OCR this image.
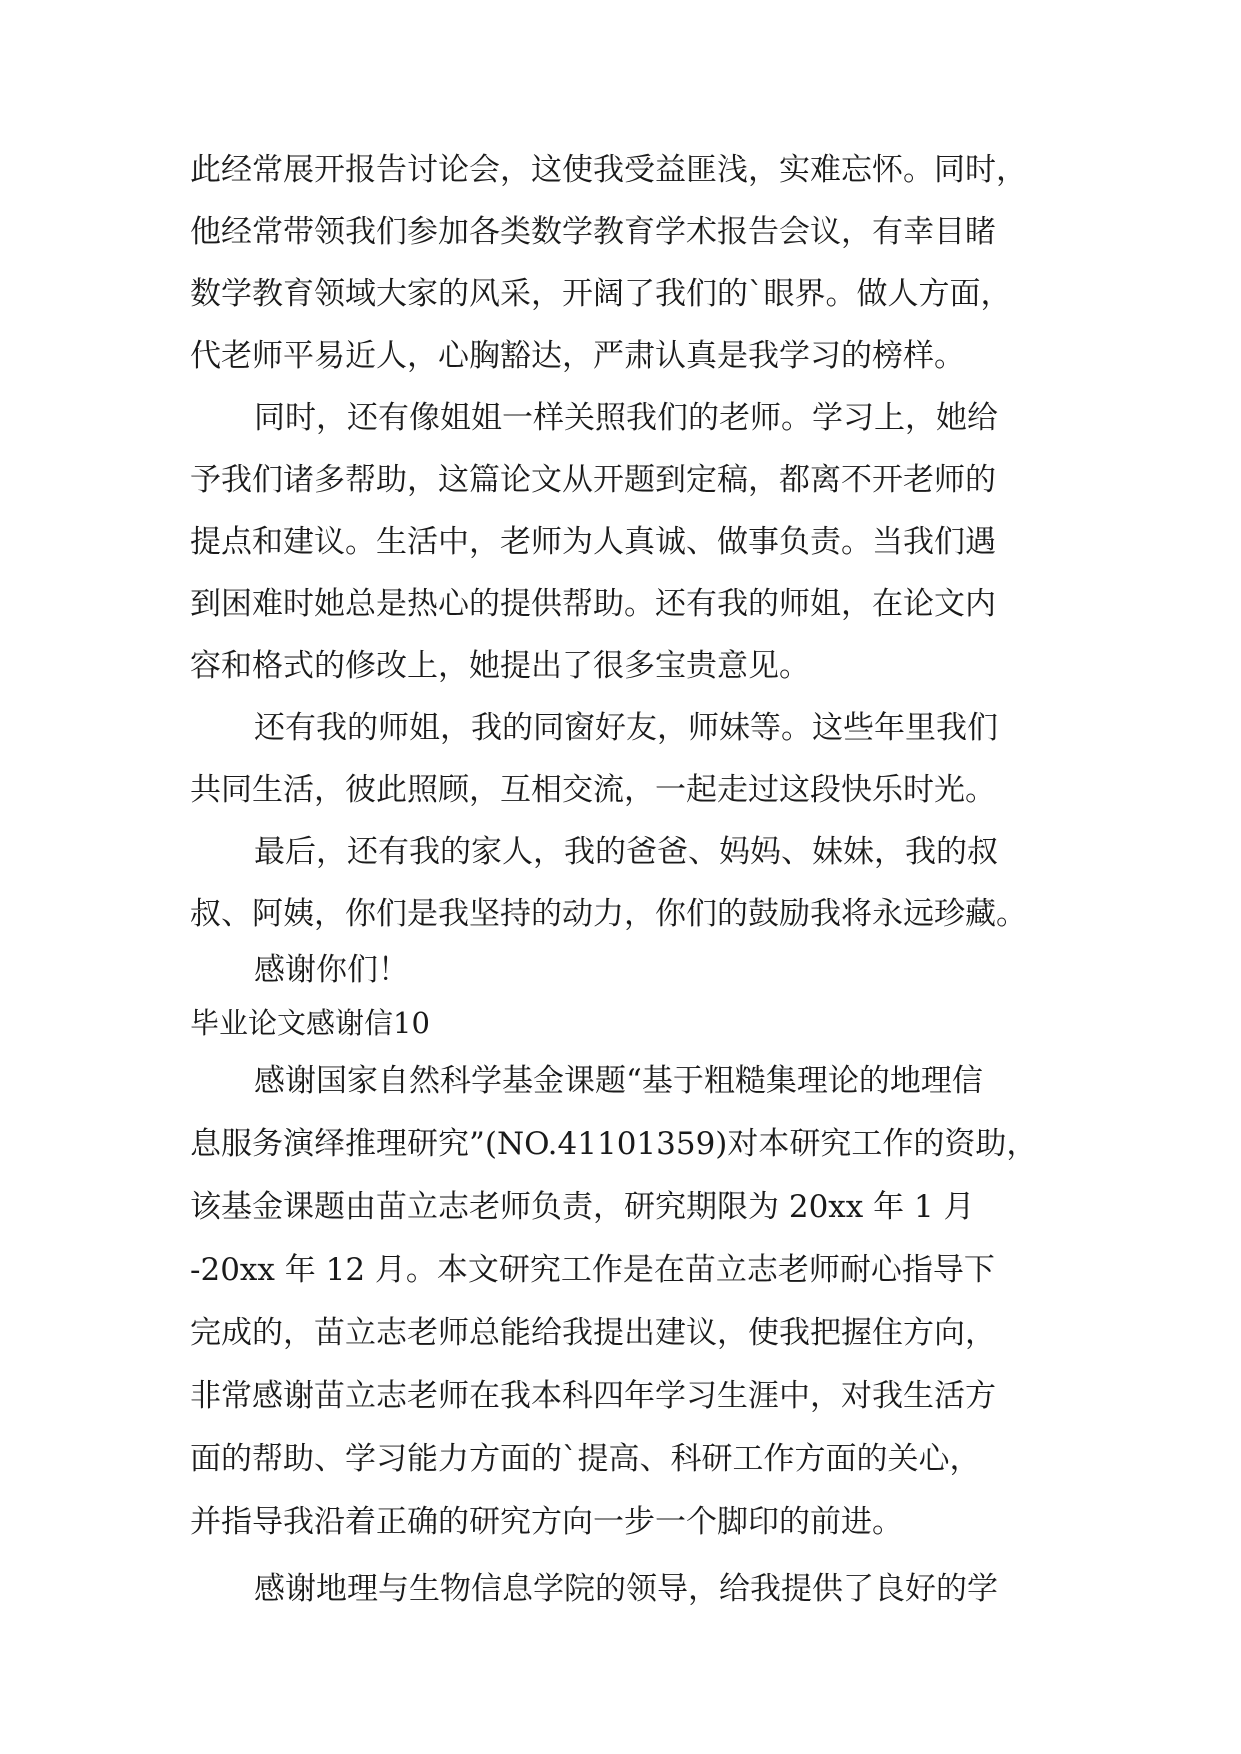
此经常展开报告讨论会，这使我受益匪浅，实难忘怀。同时，

他经常带领我们参加各类数学教育学术报告会议，有幸目睹

数学教育领域大家的风采，开阔了我们的`眼界。做人方面，

代老师平易近人，心胸豁达，严肃认真是我学习的榜样。

同时，还有像姐姐一样关照我们的老师。学习上，她给

予我们诸多帮助，这篇论文从开题到定稿，都离不开老师的

提点和建议。生活中，老师为人真诚、做事负责。当我们遇

到困难时她总是热心的提供帮助。还有我的师姐，在论文内

容和格式的修改上，她提出了很多宝贵意见。

还有我的师姐，我的同窗好友，师妹等。这些年里我们

共同生活，彼此照顾，互相交流，一起走过这段快乐时光。

最后，还有我的家人，我的爸爸、妈妈、妹妹，我的叔

叔、阿姨，你们是我坚持的动力，你们的鼓励我将永远珍藏。

感谢你们！

毕业论文感谢信10

感谢国家自然科学基金课题“基于粗糙集理论的地理信

息服务演绎推理研究”(NO.41101359)对本研究工作的资助，

该基金课题由苗立志老师负责，研究期限为 20xx 年 1 月

-20xx 年 12 月。本文研究工作是在苗立志老师耐心指导下

完成的，苗立志老师总能给我提出建议，使我把握住方向，

非常感谢苗立志老师在我本科四年学习生涯中，对我生活方

面的帮助、学习能力方面的`提高、科研工作方面的关心，

并指导我沿着正确的研究方向一步一个脚印的前进。

感谢地理与生物信息学院的领导，给我提供了良好的学
